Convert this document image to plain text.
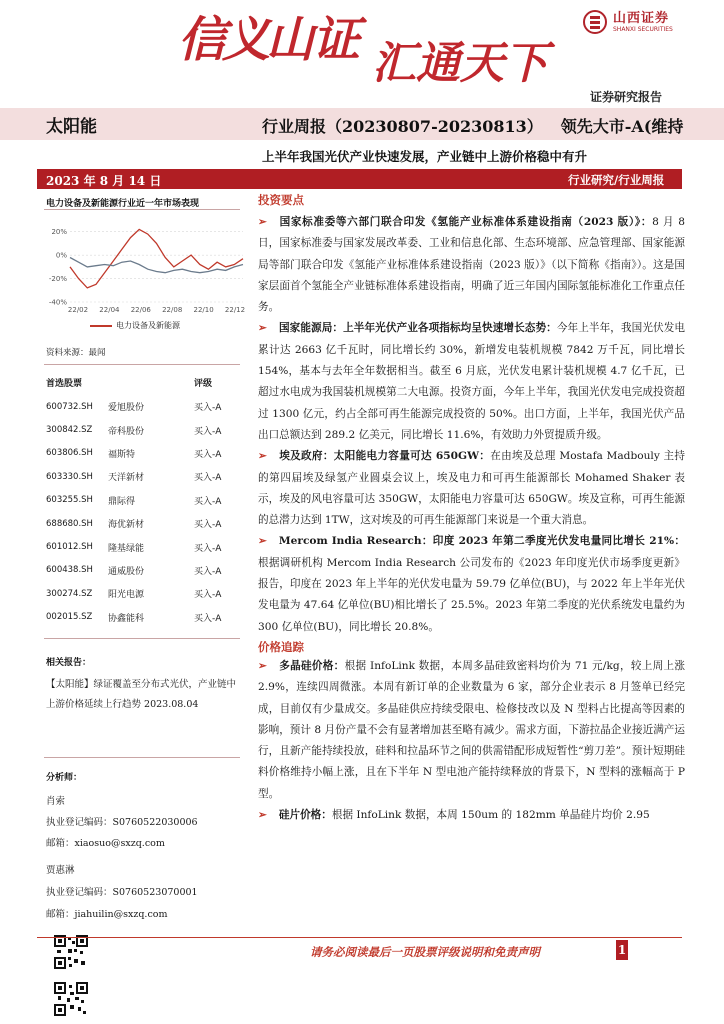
信
义
山
证 汇 通 天 下
山西证券
SHANXI SECURITIES
证券研究报告
太阳能	行业周报（20230807-20230813） 领先大市-A(维持
上半年我国光伏产业快速发展，产业链中上游价格稳中有升
2023 年 8 月 14 日	行业研究/行业周报
电力设备及新能源行业近一年市场表现
20%
0%
-20%
-40%
22/02 22/04 22/06 22/08 22/10 22/12
电力设备及新能源
资料来源：最闻
首选股票		评级
600732.SH	爱旭股份	买入-A
300842.SZ	帝科股份	买入-A
603806.SH	福斯特	买入-A
603330.SH	天洋新材	买入-A
603255.SH	鼎际得	买入-A
688680.SH	海优新材	买入-A
601012.SH	隆基绿能	买入-A
600438.SH	通威股份	买入-A
300274.SZ	阳光电源	买入-A
002015.SZ	协鑫能科	买入-A
相关报告：
【太阳能】绿证覆盖至分布式光伏，产业链中上游价格延续上行趋势 2023.08.04
分析师：
肖索
执业登记编码：S0760522030006
邮箱：xiaosuo@sxzq.com
贾惠淋
执业登记编码：S0760523070001
邮箱：jiahuilin@sxzq.com
投资要点

➢ 国家标准委等六部门联合印发《氢能产业标准体系建设指南（2023 版）》：8 月 8 日，国家标准委与国家发展改革委、工业和信息化部、生态环境部、应急管理部、国家能源局等部门联合印发《氢能产业标准体系建设指南（2023 版）》（以下简称《指南》）。这是国家层面首个氢能全产业链标准体系建设指南，明确了近三年国内国际氢能标准化工作重点任务。

➢ 国家能源局：上半年光伏产业各项指标均呈快速增长态势：今年上半年，我国光伏发电累计达 2663 亿千瓦时，同比增长约 30%，新增发电装机规模 7842 万千瓦，同比增长 154%，基本与去年全年数据相当。截至 6 月底，光伏发电累计装机规模 4.7 亿千瓦，已超过水电成为我国装机规模第二大电源。投资方面，今年上半年，我国光伏发电完成投资超过 1300 亿元，约占全部可再生能源完成投资的 50%。出口方面，上半年，我国光伏产品出口总额达到 289.2 亿美元，同比增长 11.6%，有效助力外贸提质升级。

➢ 埃及政府：太阳能电力容量可达 650GW：在由埃及总理 Mostafa Madbouly 主持的第四届埃及绿氢产业圆桌会议上，埃及电力和可再生能源部长 Mohamed Shaker 表示，埃及的风电容量可达 350GW，太阳能电力容量可达 650GW。埃及宣称，可再生能源的总潜力达到 1TW，这对埃及的可再生能源部门来说是一个重大消息。

➢ Mercom India Research：印度 2023 年第二季度光伏发电量同比增长 21%：根据调研机构 Mercom India Research 公司发布的《2023 年印度光伏市场季度更新》报告，印度在 2023 年上半年的光伏发电量为 59.79 亿单位(BU)，与 2022 年上半年光伏发电量为 47.64 亿单位(BU)相比增长了 25.5%。2023 年第二季度的光伏系统发电量约为 300 亿单位(BU)，同比增长 20.8%。

价格追踪

➢ 多晶硅价格：根据 InfoLink 数据，本周多晶硅致密料均价为 71 元/kg，较上周上涨 2.9%，连续四周微涨。本周有新订单的企业数量为 6 家，部分企业表示 8 月签单已经完成，目前仅有少量成交。多晶硅供应持续受限电、检修技改以及 N 型料占比提高等因素的影响，预计 8 月份产量不会有显著增加甚至略有减少。需求方面，下游拉晶企业接近满产运行，且新产能持续投放，硅料和拉晶环节之间的供需错配形成短暂性“剪刀差”。预计短期硅料价格维持小幅上涨，且在下半年 N 型电池产能持续释放的背景下，N 型料的涨幅高于 P 型。

➢ 硅片价格：根据 InfoLink 数据，本周 150um 的 182mm 单晶硅片均价 2.95

请务必阅读最后一页股票评级说明和免责声明	1
